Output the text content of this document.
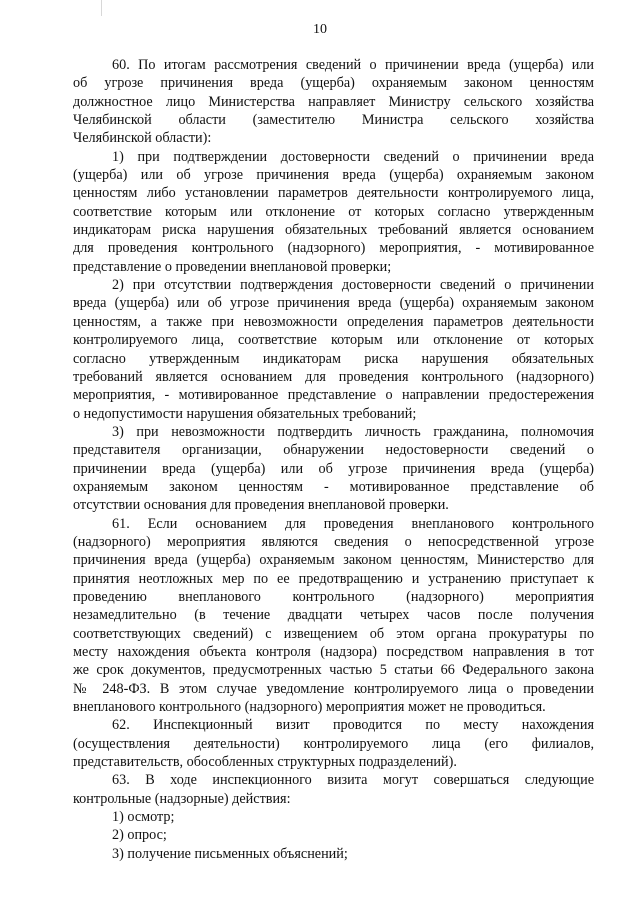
10
60. По итогам рассмотрения сведений о причинении вреда (ущерба) или
об угрозе причинения вреда (ущерба) охраняемым законом ценностям
должностное лицо Министерства направляет Министру сельского хозяйства
Челябинской области (заместителю Министра сельского хозяйства
Челябинской области):
1) при подтверждении достоверности сведений о причинении вреда
(ущерба) или об угрозе причинения вреда (ущерба) охраняемым законом
ценностям либо установлении параметров деятельности контролируемого лица,
соответствие которым или отклонение от которых согласно утвержденным
индикаторам риска нарушения обязательных требований является основанием
для проведения контрольного (надзорного) мероприятия, - мотивированное
представление о проведении внеплановой проверки;
2) при отсутствии подтверждения достоверности сведений о причинении
вреда (ущерба) или об угрозе причинения вреда (ущерба) охраняемым законом
ценностям, а также при невозможности определения параметров деятельности
контролируемого лица, соответствие которым или отклонение от которых
согласно утвержденным индикаторам риска нарушения обязательных
требований является основанием для проведения контрольного (надзорного)
мероприятия, - мотивированное представление о направлении предостережения
о недопустимости нарушения обязательных требований;
3) при невозможности подтвердить личность гражданина, полномочия
представителя организации, обнаружении недостоверности сведений о
причинении вреда (ущерба) или об угрозе причинения вреда (ущерба)
охраняемым законом ценностям - мотивированное представление об
отсутствии основания для проведения внеплановой проверки.
61. Если основанием для проведения внепланового контрольного
(надзорного) мероприятия являются сведения о непосредственной угрозе
причинения вреда (ущерба) охраняемым законом ценностям, Министерство для
принятия неотложных мер по ее предотвращению и устранению приступает к
проведению внепланового контрольного (надзорного) мероприятия
незамедлительно (в течение двадцати четырех часов после получения
соответствующих сведений) с извещением об этом органа прокуратуры по
месту нахождения объекта контроля (надзора) посредством направления в тот
же срок документов, предусмотренных частью 5 статьи 66 Федерального закона
№ 248-ФЗ. В этом случае уведомление контролируемого лица о проведении
внепланового контрольного (надзорного) мероприятия может не проводиться.
62. Инспекционный визит проводится по месту нахождения
(осуществления деятельности) контролируемого лица (его филиалов,
представительств, обособленных структурных подразделений).
63. В ходе инспекционного визита могут совершаться следующие
контрольные (надзорные) действия:
1) осмотр;
2) опрос;
3) получение письменных объяснений;
